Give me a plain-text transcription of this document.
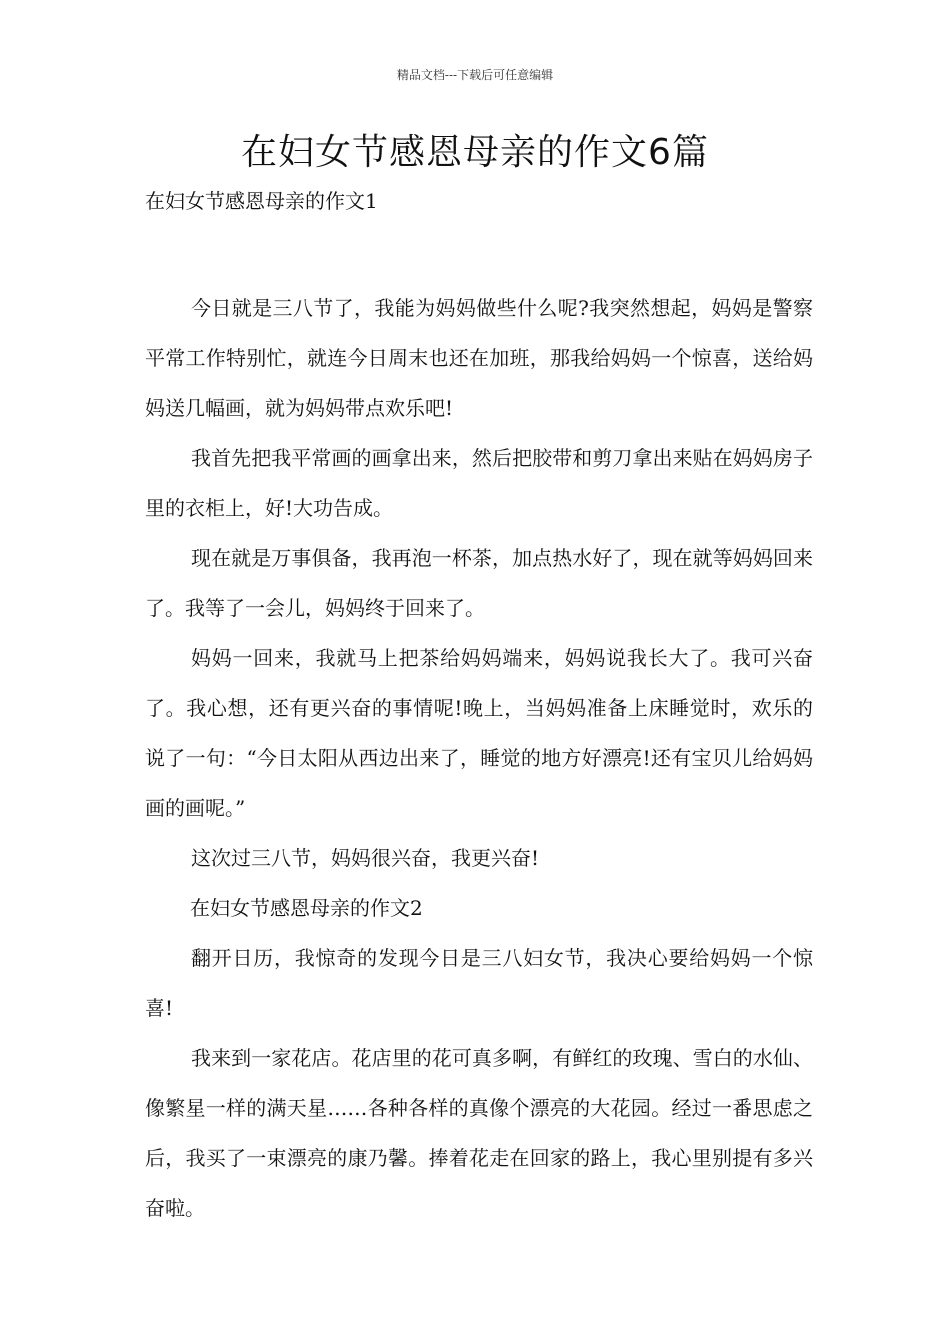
精品文档---下载后可任意编辑
在妇女节感恩母亲的作文6篇
在妇女节感恩母亲的作文1

今日就是三八节了，我能为妈妈做些什么呢?我突然想起，妈妈是警察平常工作特别忙，就连今日周末也还在加班，那我给妈妈一个惊喜，送给妈妈送几幅画，就为妈妈带点欢乐吧!

我首先把我平常画的画拿出来，然后把胶带和剪刀拿出来贴在妈妈房子里的衣柜上，好!大功告成。

现在就是万事俱备，我再泡一杯茶，加点热水好了，现在就等妈妈回来了。我等了一会儿，妈妈终于回来了。

妈妈一回来，我就马上把茶给妈妈端来，妈妈说我长大了。我可兴奋了。我心想，还有更兴奋的事情呢!晚上，当妈妈准备上床睡觉时，欢乐的说了一句：“今日太阳从西边出来了，睡觉的地方好漂亮!还有宝贝儿给妈妈画的画呢。”

这次过三八节，妈妈很兴奋，我更兴奋!

在妇女节感恩母亲的作文2

翻开日历，我惊奇的发现今日是三八妇女节，我决心要给妈妈一个惊喜!

我来到一家花店。花店里的花可真多啊，有鲜红的玫瑰、雪白的水仙、像繁星一样的满天星……各种各样的真像个漂亮的大花园。经过一番思虑之后，我买了一束漂亮的康乃馨。捧着花走在回家的路上，我心里别提有多兴奋啦。
